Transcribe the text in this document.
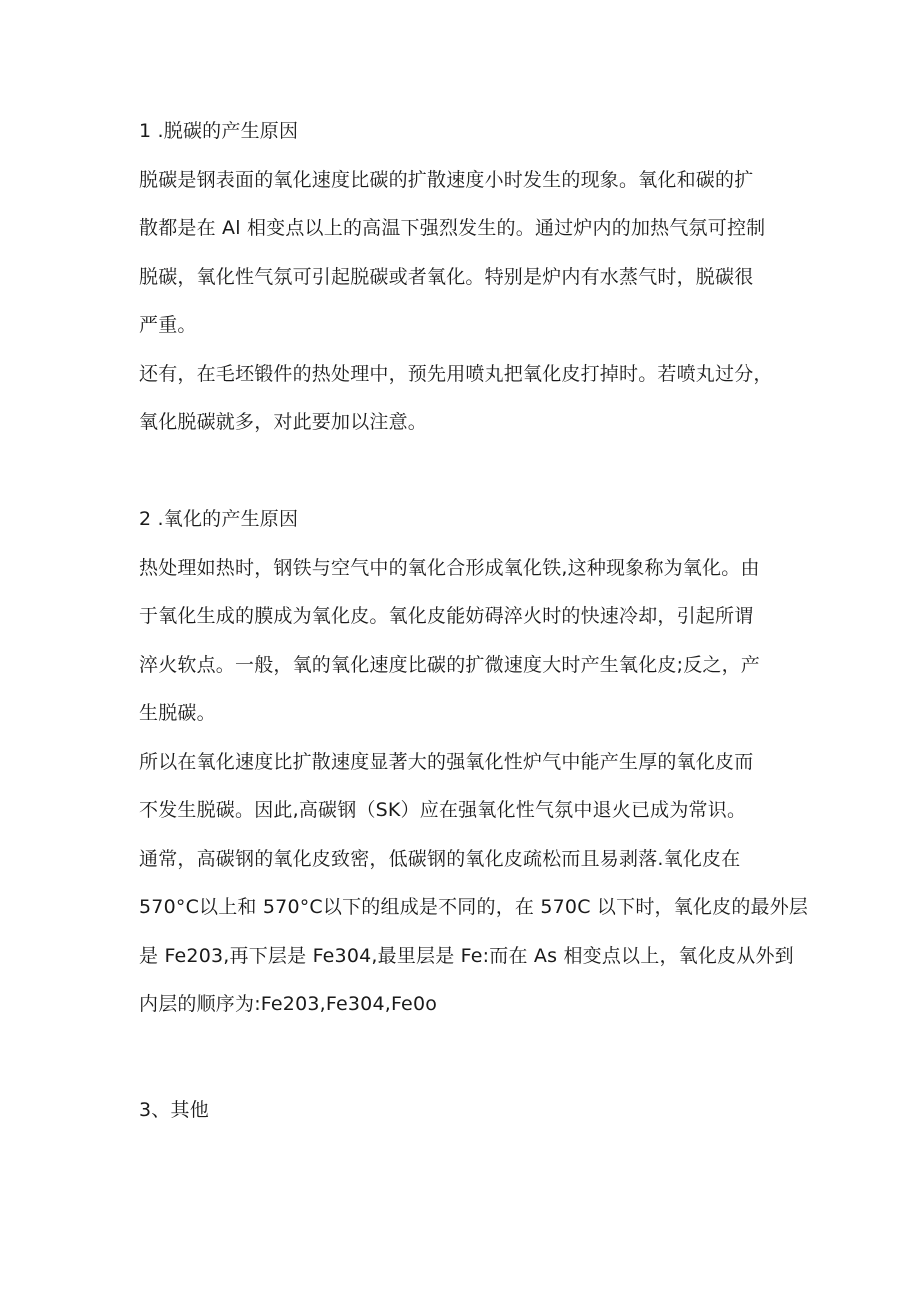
1 .脱碳的产生原因
脱碳是钢表面的氧化速度比碳的扩散速度小时发生的现象。氧化和碳的扩
散都是在 Al 相变点以上的高温下强烈发生的。通过炉内的加热气氛可控制
脱碳，氧化性气氛可引起脱碳或者氧化。特别是炉内有水蒸气时，脱碳很
严重。
还有，在毛坯锻件的热处理中，预先用喷丸把氧化皮打掉时。若喷丸过分，
氧化脱碳就多，对此要加以注意。
2 .氧化的产生原因
热处理如热时，钢铁与空气中的氧化合形成氧化铁,这种现象称为氧化。由
于氧化生成的膜成为氧化皮。氧化皮能妨碍淬火时的快速冷却，引起所谓
淬火软点。一般，氧的氧化速度比碳的扩微速度大时产生氧化皮;反之，产
生脱碳。
所以在氧化速度比扩散速度显著大的强氧化性炉气中能产生厚的氧化皮而
不发生脱碳。因此,高碳钢（SK）应在强氧化性气氛中退火已成为常识。
通常，高碳钢的氧化皮致密，低碳钢的氧化皮疏松而且易剥落.氧化皮在
570°C以上和 570°C以下的组成是不同的，在 570C 以下时，氧化皮的最外层
是 Fe203,再下层是 Fe304,最里层是 Fe:而在 As 相变点以上，氧化皮从外到
内层的顺序为:Fe203,Fe304,Fe0o
3、其他
